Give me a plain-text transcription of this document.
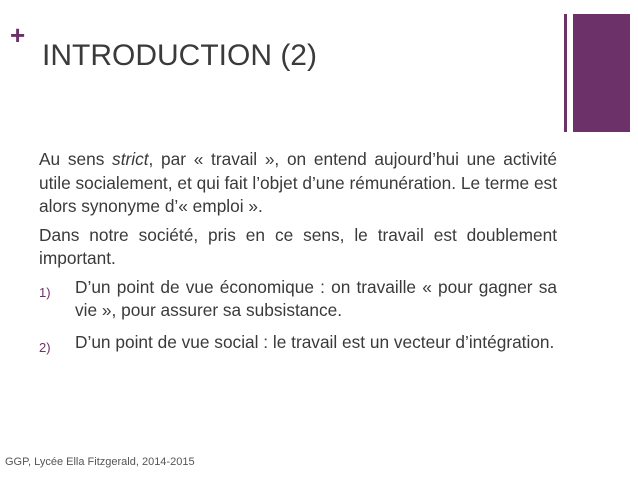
+
INTRODUCTION (2)

Au sens strict, par « travail », on entend aujourd’hui une activité utile socialement, et qui fait l’objet d’une rémunération. Le terme est alors synonyme d’« emploi ».

Dans notre société, pris en ce sens, le travail est doublement important.

1)	D’un point de vue économique : on travaille « pour gagner sa vie », pour assurer sa subsistance.
2)	D’un point de vue social : le travail est un vecteur d’intégration.
GGP, Lycée Ella Fitzgerald, 2014-2015
